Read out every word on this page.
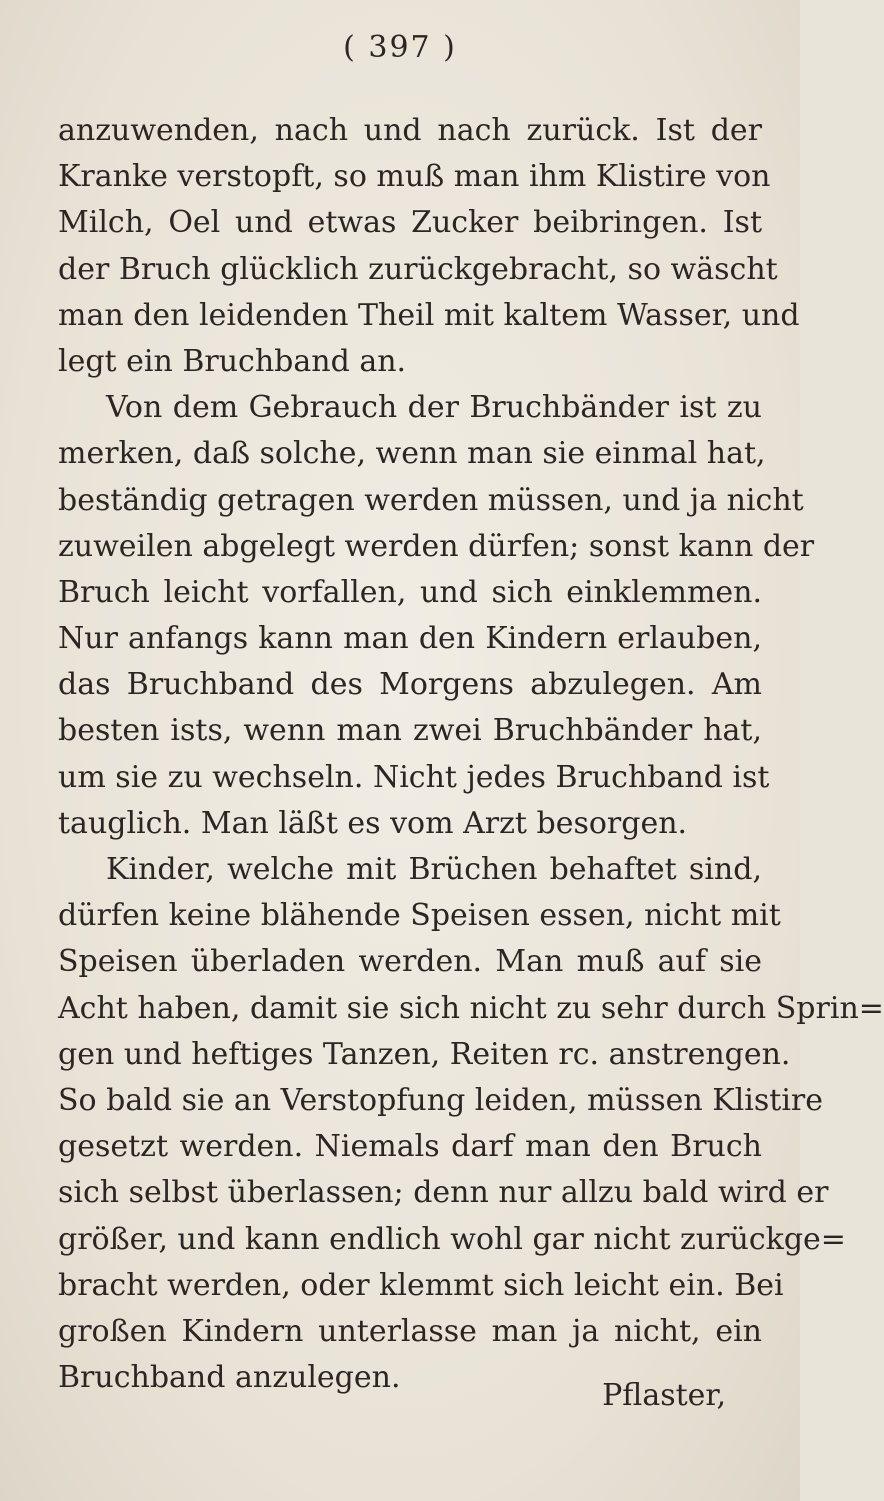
( 397 )
anzuwenden, nach und nach zurück. Ist der
Kranke verstopft, so muß man ihm Klistire von
Milch, Oel und etwas Zucker beibringen. Ist
der Bruch glücklich zurückgebracht, so wäscht
man den leidenden Theil mit kaltem Wasser, und
legt ein Bruchband an.
Von dem Gebrauch der Bruchbänder ist zu
merken, daß solche, wenn man sie einmal hat,
beständig getragen werden müssen, und ja nicht
zuweilen abgelegt werden dürfen; sonst kann der
Bruch leicht vorfallen, und sich einklemmen.
Nur anfangs kann man den Kindern erlauben,
das Bruchband des Morgens abzulegen. Am
besten ists, wenn man zwei Bruchbänder hat,
um sie zu wechseln. Nicht jedes Bruchband ist
tauglich. Man läßt es vom Arzt besorgen.
Kinder, welche mit Brüchen behaftet sind,
dürfen keine blähende Speisen essen, nicht mit
Speisen überladen werden. Man muß auf sie
Acht haben, damit sie sich nicht zu sehr durch Sprin=
gen und heftiges Tanzen, Reiten rc. anstrengen.
So bald sie an Verstopfung leiden, müssen Klistire
gesetzt werden. Niemals darf man den Bruch
sich selbst überlassen; denn nur allzu bald wird er
größer, und kann endlich wohl gar nicht zurückge=
bracht werden, oder klemmt sich leicht ein. Bei
großen Kindern unterlasse man ja nicht, ein
Bruchband anzulegen.
Pflaster,
